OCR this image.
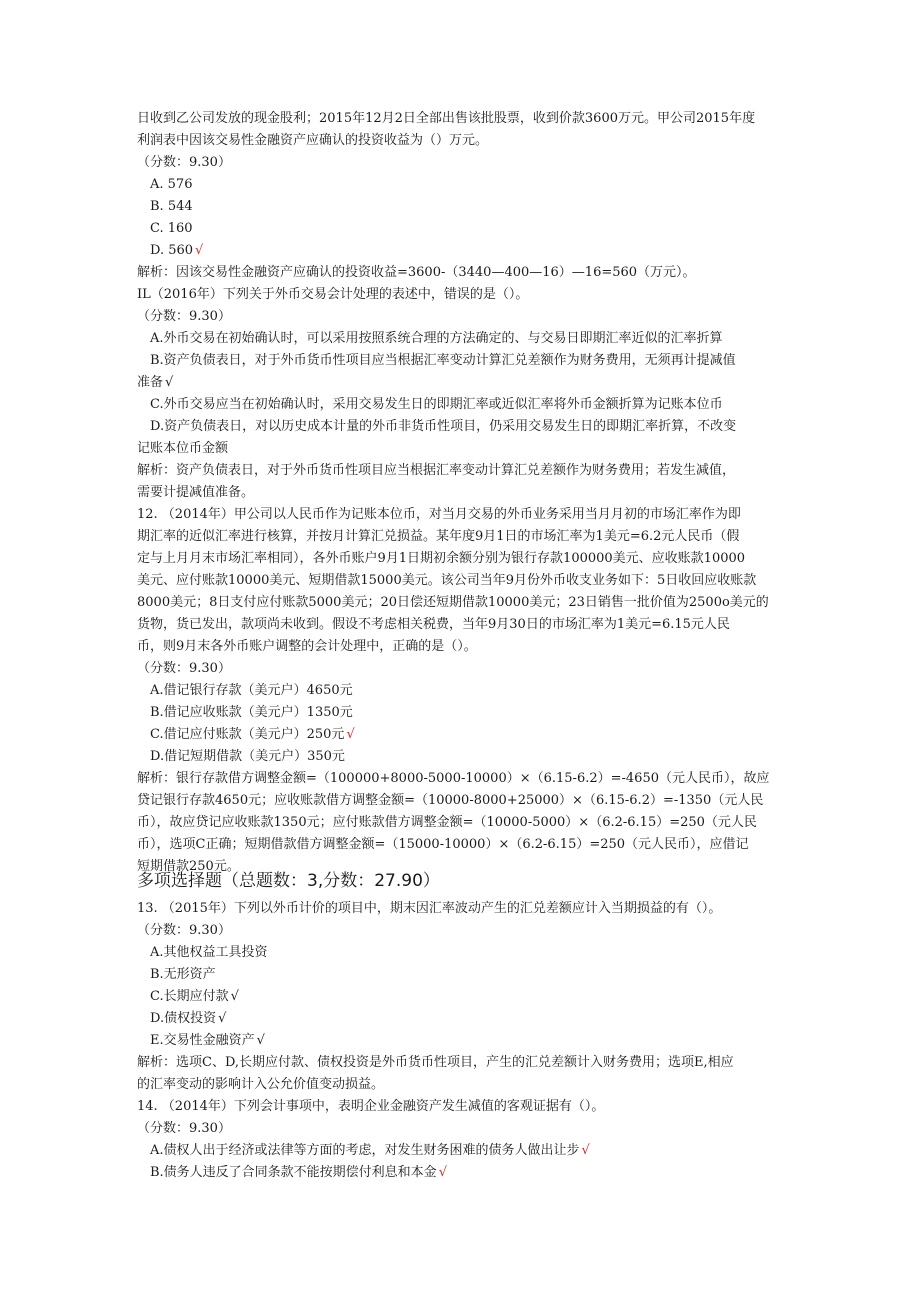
日收到乙公司发放的现金股利；2015年12月2日全部出售该批股票，收到价款3600万元。甲公司2015年度
利润表中因该交易性金融资产应确认的投资收益为（）万元。
（分数：9.30）
A. 576
B. 544
C. 160
D. 560 √
解析：因该交易性金融资产应确认的投资收益=3600-（3440—400—16）—16=560（万元）。
IL（2016年）下列关于外币交易会计处理的表述中，错误的是（）。
（分数：9.30）
A.外币交易在初始确认时，可以采用按照系统合理的方法确定的、与交易日即期汇率近似的汇率折算
B.资产负债表日，对于外币货币性项目应当根据汇率变动计算汇兑差额作为财务费用，无须再计提减值
准备 √
C.外币交易应当在初始确认时，采用交易发生日的即期汇率或近似汇率将外币金额折算为记账本位币
D.资产负债表日，对以历史成本计量的外币非货币性项目，仍采用交易发生日的即期汇率折算，不改变
记账本位币金额
解析：资产负债表日，对于外币货币性项目应当根据汇率变动计算汇兑差额作为财务费用；若发生减值，
需要计提减值准备。
12. （2014年）甲公司以人民币作为记账本位币，对当月交易的外币业务采用当月月初的市场汇率作为即
期汇率的近似汇率进行核算，并按月计算汇兑损益。某年度9月1日的市场汇率为1美元=6.2元人民币（假
定与上月月末市场汇率相同），各外币账户9月1日期初余额分别为银行存款100000美元、应收账款10000
美元、应付账款10000美元、短期借款15000美元。该公司当年9月份外币收支业务如下：5日收回应收账款
8000美元；8日支付应付账款5000美元；20日偿还短期借款10000美元；23日销售一批价值为2500o美元的
货物，货已发出，款项尚未收到。假设不考虑相关税费，当年9月30日的市场汇率为1美元=6.15元人民
币，则9月末各外币账户调整的会计处理中，正确的是（）。
（分数：9.30）
A.借记银行存款（美元户）4650元
B.借记应收账款（美元户）1350元
C.借记应付账款（美元户）250元 √
D.借记短期借款（美元户）350元
解析：银行存款借方调整金额=（100000+8000-5000-10000）×（6.15-6.2）=-4650（元人民币），故应
贷记银行存款4650元；应收账款借方调整金额=（10000-8000+25000）×（6.15-6.2）=-1350（元人民
币），故应贷记应收账款1350元；应付账款借方调整金额=（10000-5000）×（6.2-6.15）=250（元人民
币），选项C正确；短期借款借方调整金额=（15000-10000）×（6.2-6.15）=250（元人民币），应借记
短期借款250元。
多项选择题（总题数：3,分数：27.90）
13. （2015年）下列以外币计价的项目中，期末因汇率波动产生的汇兑差额应计入当期损益的有（）。
（分数：9.30）
A.其他权益工具投资
B.无形资产
C.长期应付款 √
D.债权投资 √
E.交易性金融资产 √
解析：选项C、D,长期应付款、债权投资是外币货币性项目，产生的汇兑差额计入财务费用；选项E,相应
的汇率变动的影响计入公允价值变动损益。
14. （2014年）下列会计事项中，表明企业金融资产发生减值的客观证据有（）。
（分数：9.30）
A.债权人出于经济或法律等方面的考虑，对发生财务困难的债务人做出让步 √
B.债务人违反了合同条款不能按期偿付利息和本金 √
